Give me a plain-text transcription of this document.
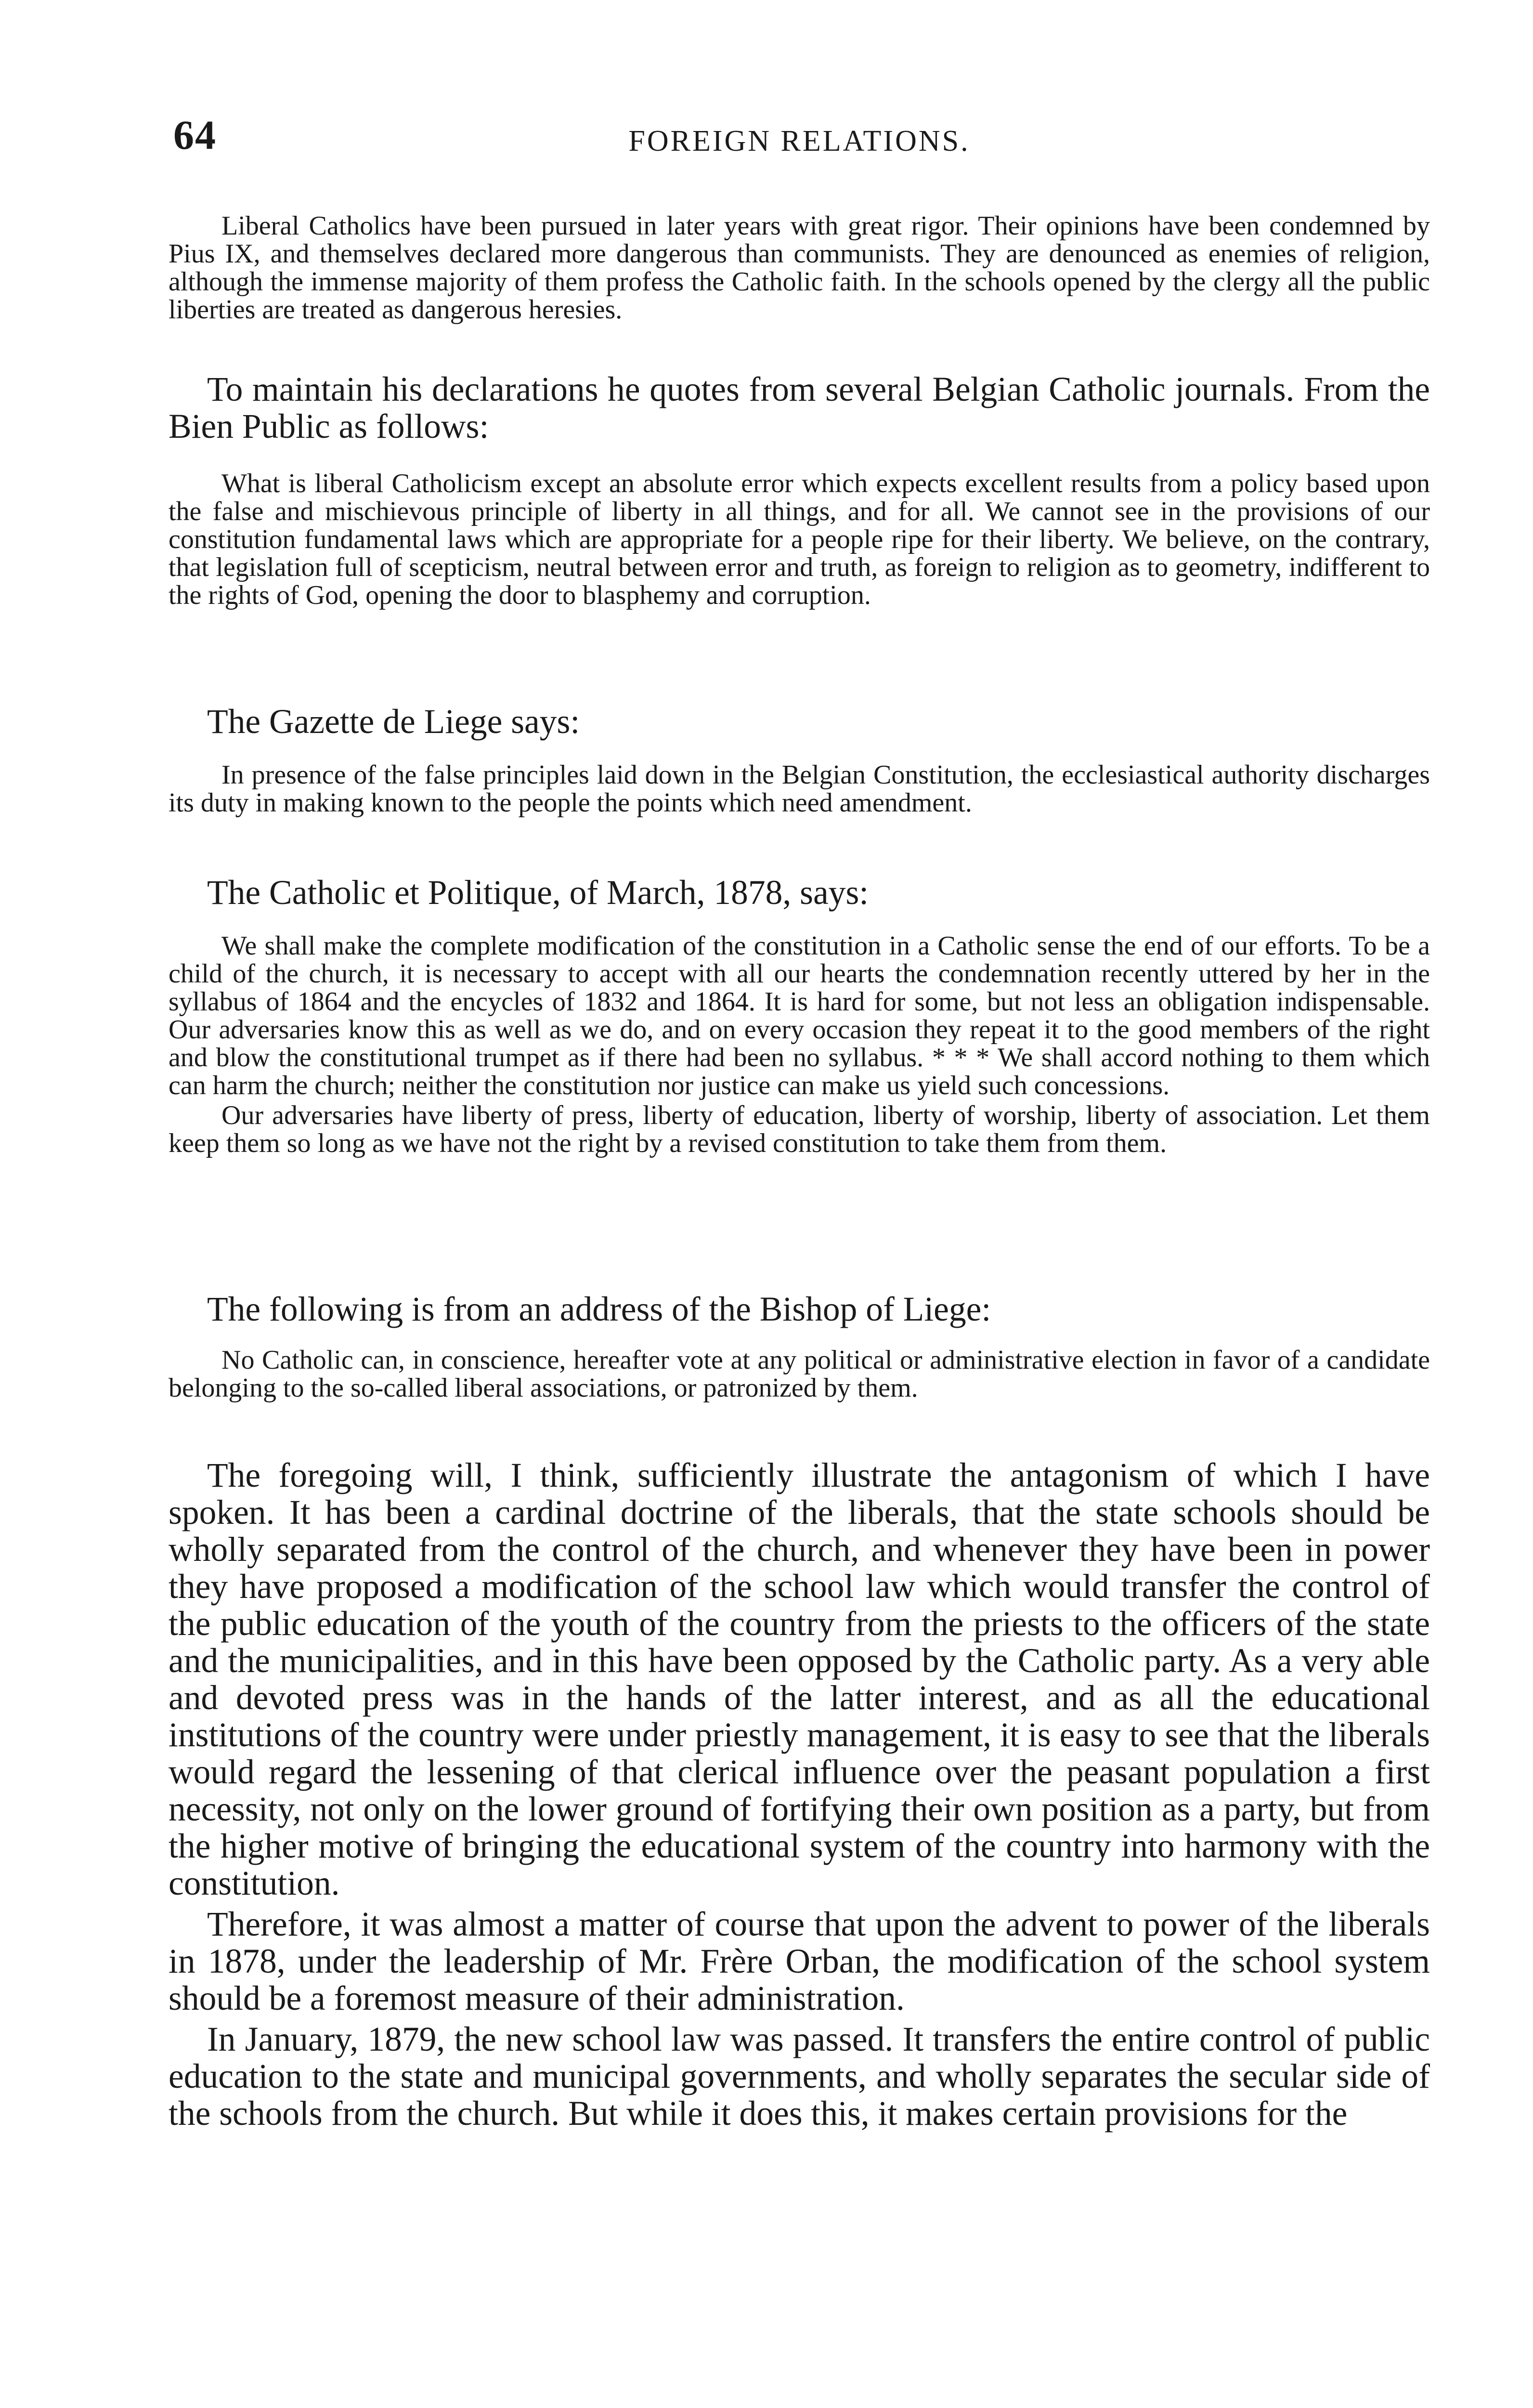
64	FOREIGN RELATIONS.

Liberal Catholics have been pursued in later years with great rigor. Their opinions have been condemned by Pius IX, and themselves declared more dangerous than communists. They are denounced as enemies of religion, although the immense majority of them profess the Catholic faith. In the schools opened by the clergy all the public liberties are treated as dangerous heresies.

To maintain his declarations he quotes from several Belgian Catholic journals. From the Bien Public as follows:

What is liberal Catholicism except an absolute error which expects excellent results from a policy based upon the false and mischievous principle of liberty in all things, and for all. We cannot see in the provisions of our constitution fundamental laws which are appropriate for a people ripe for their liberty. We believe, on the contrary, that legislation full of scepticism, neutral between error and truth, as foreign to religion as to geometry, indifferent to the rights of God, opening the door to blasphemy and corruption.

The Gazette de Liege says:

In presence of the false principles laid down in the Belgian Constitution, the ecclesiastical authority discharges its duty in making known to the people the points which need amendment.

The Catholic et Politique, of March, 1878, says:

We shall make the complete modification of the constitution in a Catholic sense the end of our efforts. To be a child of the church, it is necessary to accept with all our hearts the condemnation recently uttered by her in the syllabus of 1864 and the encycles of 1832 and 1864. It is hard for some, but not less an obligation indispensable. Our adversaries know this as well as we do, and on every occasion they repeat it to the good members of the right and blow the constitutional trumpet as if there had been no syllabus. * * * We shall accord nothing to them which can harm the church; neither the constitution nor justice can make us yield such concessions.

Our adversaries have liberty of press, liberty of education, liberty of worship, liberty of association. Let them keep them so long as we have not the right by a revised constitution to take them from them.

The following is from an address of the Bishop of Liege:

No Catholic can, in conscience, hereafter vote at any political or administrative election in favor of a candidate belonging to the so-called liberal associations, or patronized by them.

The foregoing will, I think, sufficiently illustrate the antagonism of which I have spoken. It has been a cardinal doctrine of the liberals, that the state schools should be wholly separated from the control of the church, and whenever they have been in power they have proposed a modification of the school law which would transfer the control of the public education of the youth of the country from the priests to the officers of the state and the municipalities, and in this have been opposed by the Catholic party. As a very able and devoted press was in the hands of the latter interest, and as all the educational institutions of the country were under priestly management, it is easy to see that the liberals would regard the lessening of that clerical influence over the peasant population a first necessity, not only on the lower ground of fortifying their own position as a party, but from the higher motive of bringing the educational system of the country into harmony with the constitution.

Therefore, it was almost a matter of course that upon the advent to power of the liberals in 1878, under the leadership of Mr. Frère Orban, the modification of the school system should be a foremost measure of their administration.

In January, 1879, the new school law was passed. It transfers the entire control of public education to the state and municipal governments, and wholly separates the secular side of the schools from the church. But while it does this, it makes certain provisions for the
